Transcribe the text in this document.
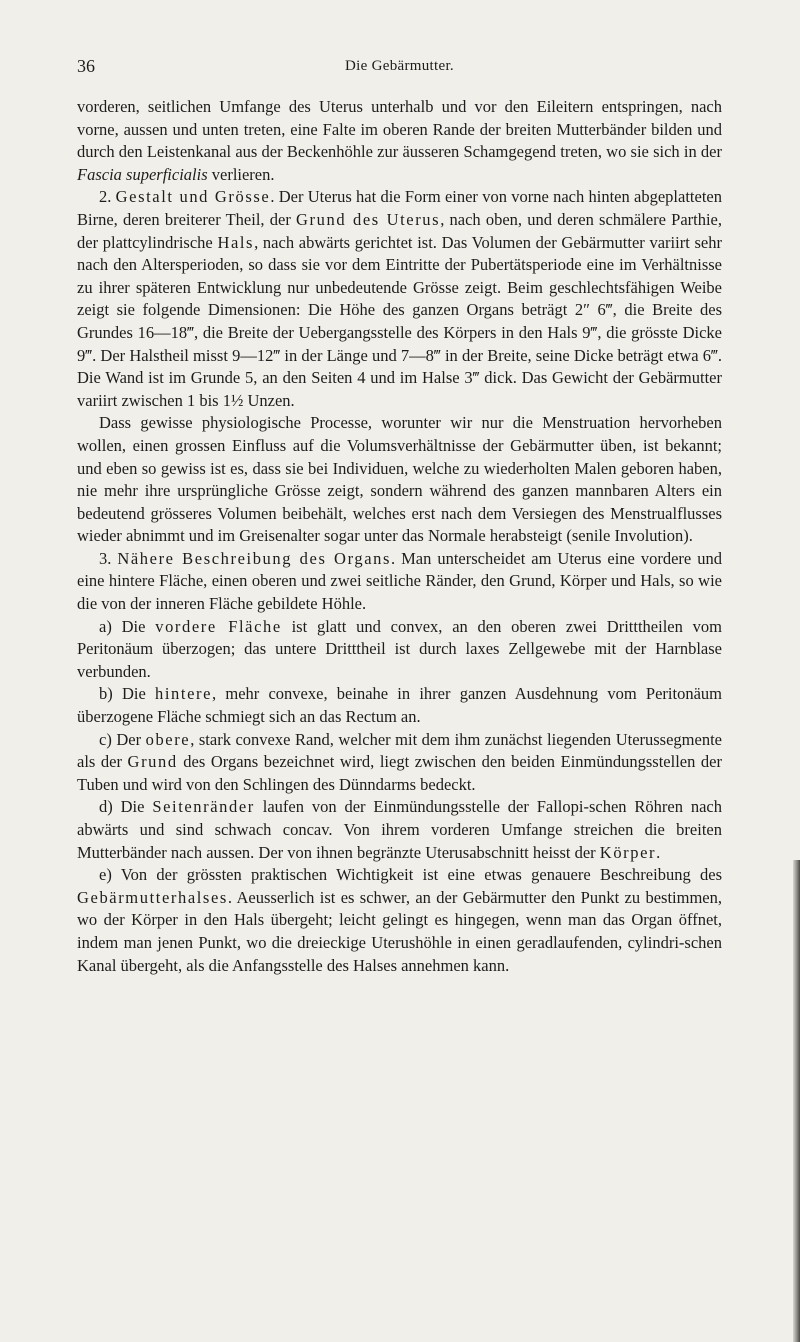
36	Die Gebärmutter.

vorderen, seitlichen Umfange des Uterus unterhalb und vor den Eileitern entspringen, nach vorne, aussen und unten treten, eine Falte im oberen Rande der breiten Mutterbänder bilden und durch den Leistenkanal aus der Beckenhöhle zur äusseren Schamgegend treten, wo sie sich in der Fascia superficialis verlieren.

2. Gestalt und Grösse. Der Uterus hat die Form einer von vorne nach hinten abgeplatteten Birne, deren breiterer Theil, der Grund des Uterus, nach oben, und deren schmälere Parthie, der plattcylindrische Hals, nach abwärts gerichtet ist. Das Volumen der Gebärmutter variirt sehr nach den Altersperioden, so dass sie vor dem Eintritte der Pubertätsperiode eine im Verhältnisse zu ihrer späteren Entwicklung nur unbedeutende Grösse zeigt. Beim geschlechtsfähigen Weibe zeigt sie folgende Dimensionen: Die Höhe des ganzen Organs beträgt 2″ 6‴, die Breite des Grundes 16—18‴, die Breite der Uebergangsstelle des Körpers in den Hals 9‴, die grösste Dicke 9‴. Der Halstheil misst 9—12‴ in der Länge und 7—8‴ in der Breite, seine Dicke beträgt etwa 6‴. Die Wand ist im Grunde 5, an den Seiten 4 und im Halse 3‴ dick. Das Gewicht der Gebärmutter variirt zwischen 1 bis 1½ Unzen.

Dass gewisse physiologische Processe, worunter wir nur die Menstruation hervorheben wollen, einen grossen Einfluss auf die Volumsverhältnisse der Gebärmutter üben, ist bekannt; und eben so gewiss ist es, dass sie bei Individuen, welche zu wiederholten Malen geboren haben, nie mehr ihre ursprüngliche Grösse zeigt, sondern während des ganzen mannbaren Alters ein bedeutend grösseres Volumen beibehält, welches erst nach dem Versiegen des Menstrualflusses wieder abnimmt und im Greisenalter sogar unter das Normale herabsteigt (senile Involution).

3. Nähere Beschreibung des Organs. Man unterscheidet am Uterus eine vordere und eine hintere Fläche, einen oberen und zwei seitliche Ränder, den Grund, Körper und Hals, so wie die von der inneren Fläche gebildete Höhle.

a) Die vordere Fläche ist glatt und convex, an den oberen zwei Dritttheilen vom Peritonäum überzogen; das untere Dritttheil ist durch laxes Zellgewebe mit der Harnblase verbunden.

b) Die hintere, mehr convexe, beinahe in ihrer ganzen Ausdehnung vom Peritonäum überzogene Fläche schmiegt sich an das Rectum an.

c) Der obere, stark convexe Rand, welcher mit dem ihm zunächst liegenden Uterussegmente als der Grund des Organs bezeichnet wird, liegt zwischen den beiden Einmündungsstellen der Tuben und wird von den Schlingen des Dünndarms bedeckt.

d) Die Seitenränder laufen von der Einmündungsstelle der Fallopi-schen Röhren nach abwärts und sind schwach concav. Von ihrem vorderen Umfange streichen die breiten Mutterbänder nach aussen. Der von ihnen begränzte Uterusabschnitt heisst der Körper.

e) Von der grössten praktischen Wichtigkeit ist eine etwas genauere Beschreibung des Gebärmutterhalses. Aeusserlich ist es schwer, an der Gebärmutter den Punkt zu bestimmen, wo der Körper in den Hals übergeht; leicht gelingt es hingegen, wenn man das Organ öffnet, indem man jenen Punkt, wo die dreieckige Uterushöhle in einen geradlaufenden, cylindri-schen Kanal übergeht, als die Anfangsstelle des Halses annehmen kann.
